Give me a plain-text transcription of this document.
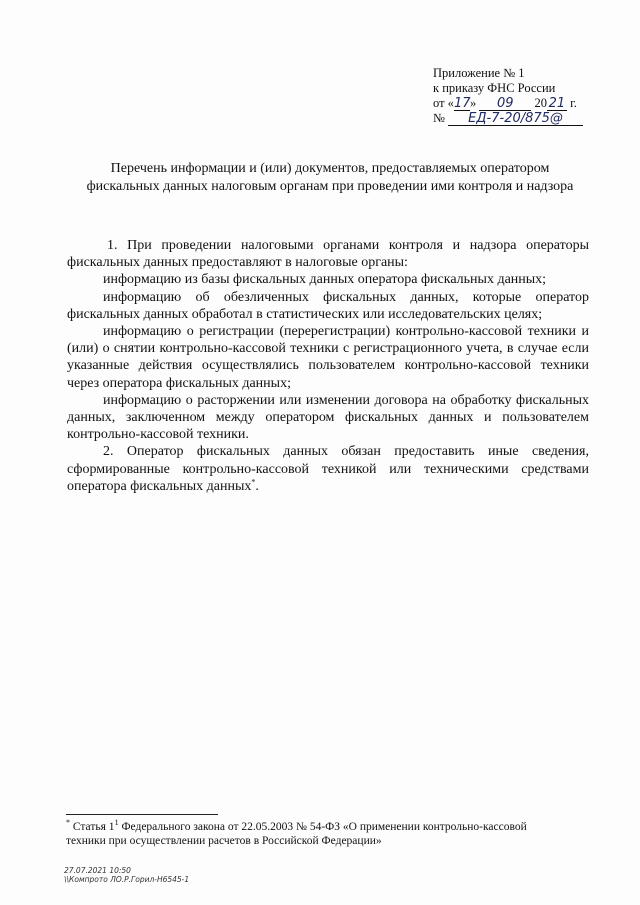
Приложение № 1
к приказу ФНС России
от «17» 09 20 21 г.
№ ЕД-7-20/875@
Перечень информации и (или) документов, предоставляемых оператором
фискальных данных налоговым органам при проведении ими контроля и надзора

1. При проведении налоговыми органами контроля и надзора операторы фискальных данных предоставляют в налоговые органы:

информацию из базы фискальных данных оператора фискальных данных;

информацию об обезличенных фискальных данных, которые оператор фискальных данных обработал в статистических или исследовательских целях;

информацию о регистрации (перерегистрации) контрольно-кассовой техники и (или) о снятии контрольно-кассовой техники с регистрационного учета, в случае если указанные действия осуществлялись пользователем контрольно-кассовой техники через оператора фискальных данных;

информацию о расторжении или изменении договора на обработку фискальных данных, заключенном между оператором фискальных данных и пользователем контрольно-кассовой техники.

2. Оператор фискальных данных обязан предоставить иные сведения, сформированные контрольно-кассовой техникой или техническими средствами оператора фискальных данных*.

* Статья 1$^1$ Федерального закона от 22.05.2003 № 54-ФЗ «О применении контрольно-кассовой
техники при осуществлении расчетов в Российской Федерации»
27.07.2021 10:50
\\Компрото ЛО.Р.Горил-Н6545-1
